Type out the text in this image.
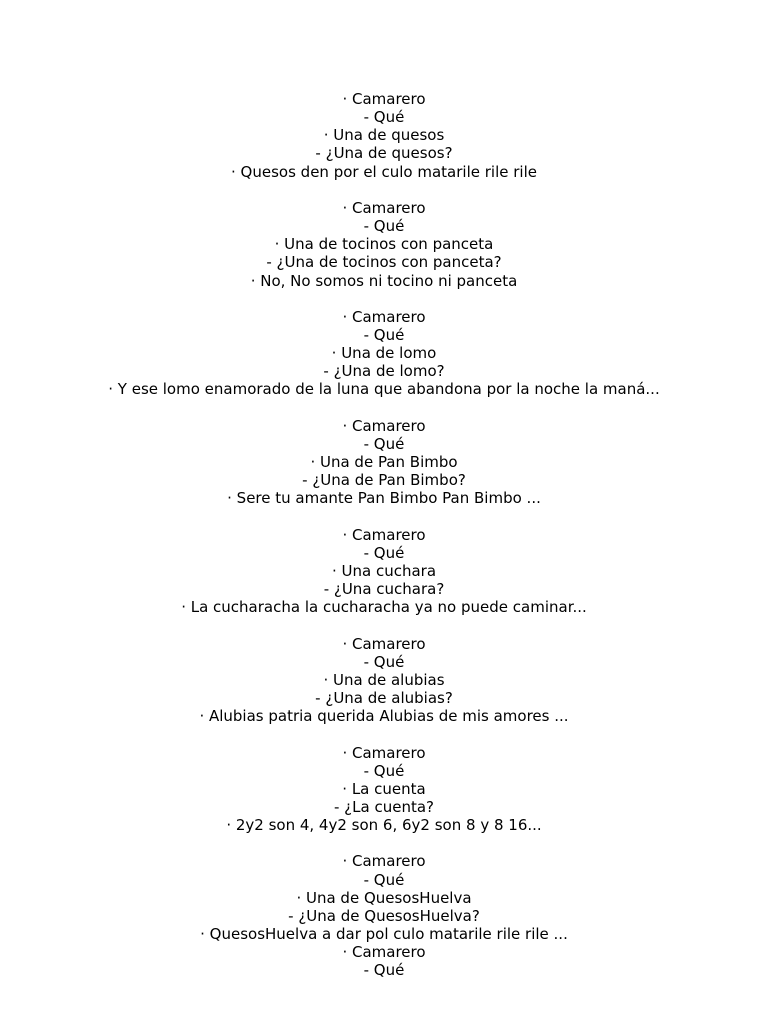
· Camarero
- Qué
· Una de quesos
- ¿Una de quesos?
· Quesos den por el culo matarile rile rile
· Camarero
- Qué
· Una de tocinos con panceta
- ¿Una de tocinos con panceta?
· No, No somos ni tocino ni panceta
· Camarero
- Qué
· Una de lomo
- ¿Una de lomo?
· Y ese lomo enamorado de la luna que abandona por la noche la maná...
· Camarero
- Qué
· Una de Pan Bimbo
- ¿Una de Pan Bimbo?
· Sere tu amante Pan Bimbo Pan Bimbo ...
· Camarero
- Qué
· Una cuchara
- ¿Una cuchara?
· La cucharacha la cucharacha ya no puede caminar...
· Camarero
- Qué
· Una de alubias
- ¿Una de alubias?
· Alubias patria querida Alubias de mis amores ...
· Camarero
- Qué
· La cuenta
- ¿La cuenta?
· 2y2 son 4, 4y2 son 6, 6y2 son 8 y 8 16...
· Camarero
- Qué
· Una de QuesosHuelva
- ¿Una de QuesosHuelva?
· QuesosHuelva a dar pol culo matarile rile rile ...
· Camarero
- Qué
